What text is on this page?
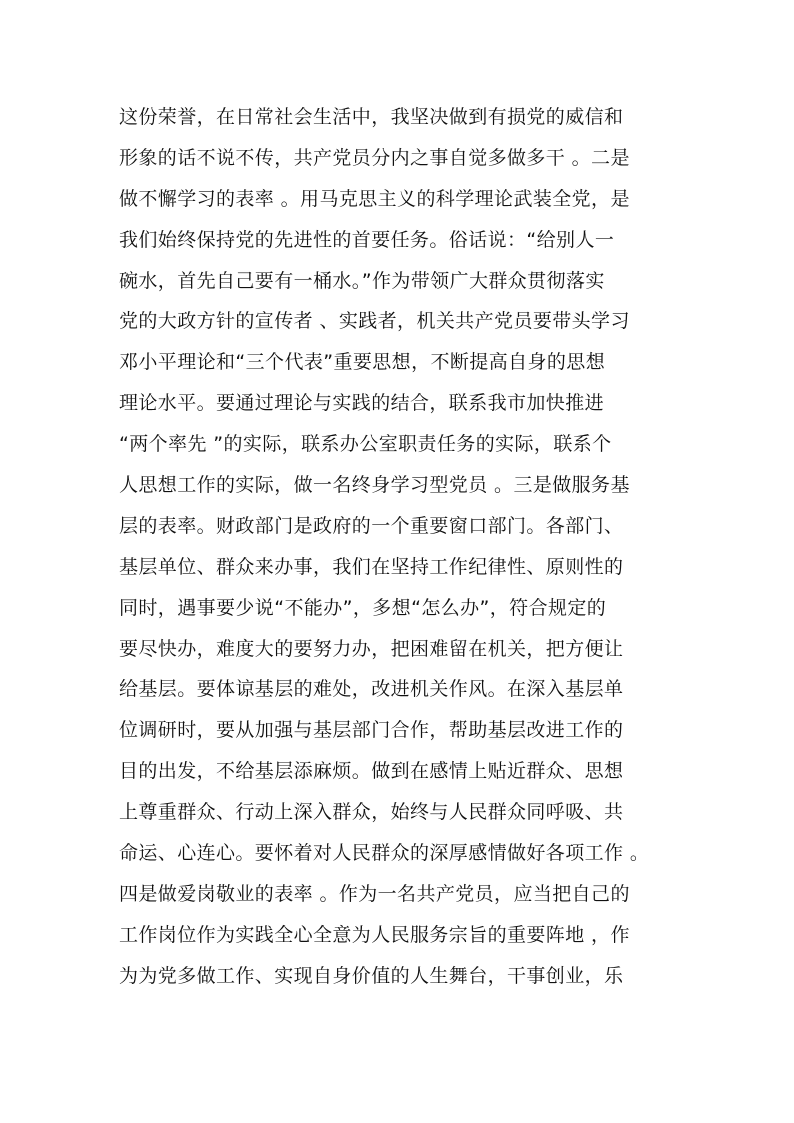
这份荣誉，在日常社会生活中，我坚决做到有损党的威信和
形象的话不说不传，共产党员分内之事自觉多做多干 。二是
做不懈学习的表率 。用马克思主义的科学理论武装全党，是
我们始终保持党的先进性的首要任务。俗话说：“给别人一
碗水，首先自己要有一桶水。”作为带领广大群众贯彻落实
党的大政方针的宣传者 、实践者，机关共产党员要带头学习
邓小平理论和“三个代表”重要思想，不断提高自身的思想
理论水平。要通过理论与实践的结合，联系我市加快推进
“两个率先 ”的实际，联系办公室职责任务的实际，联系个
人思想工作的实际，做一名终身学习型党员 。三是做服务基
层的表率。财政部门是政府的一个重要窗口部门。各部门、
基层单位、群众来办事，我们在坚持工作纪律性、原则性的
同时，遇事要少说“不能办”，多想“怎么办”，符合规定的
要尽快办，难度大的要努力办，把困难留在机关，把方便让
给基层。要体谅基层的难处，改进机关作风。在深入基层单
位调研时，要从加强与基层部门合作，帮助基层改进工作的
目的出发，不给基层添麻烦。做到在感情上贴近群众、思想
上尊重群众、行动上深入群众，始终与人民群众同呼吸、共
命运、心连心。要怀着对人民群众的深厚感情做好各项工作 。
四是做爱岗敬业的表率 。作为一名共产党员，应当把自己的
工作岗位作为实践全心全意为人民服务宗旨的重要阵地 ，作
为为党多做工作、实现自身价值的人生舞台，干事创业，乐
